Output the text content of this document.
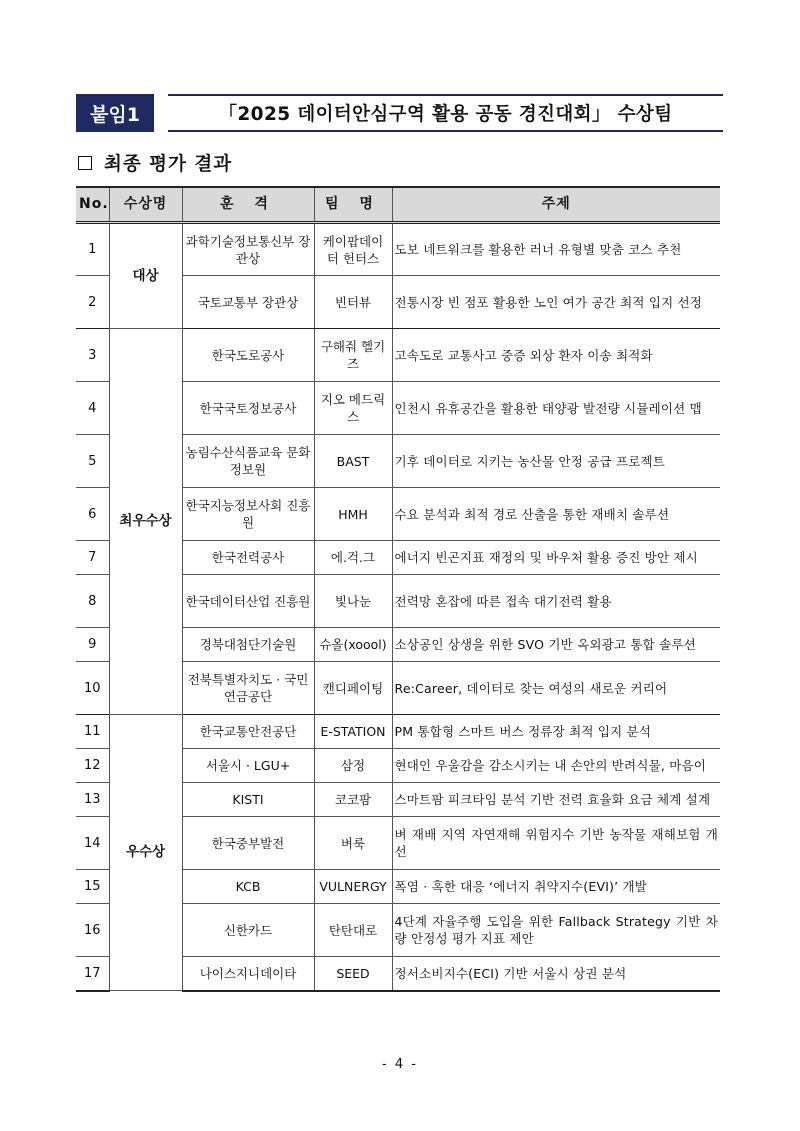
붙임1	「2025 데이터안심구역 활용 공동 경진대회」 수상팀
최종 평가 결과
No.	수상명	훈 격	팀 명	주제
1	대상	과학기술정보통신부 장관상	케이팝데이터 헌터스	도보 네트워크를 활용한 러너 유형별 맞춤 코스 추천
2		국토교통부 장관상	빈터뷰	전통시장 빈 점포 활용한 노인 여가 공간 최적 입지 선정
3	최우수상	한국도로공사	구해줘 헬기즈	고속도로 교통사고 중증 외상 환자 이송 최적화
4		한국국토정보공사	지오 메드릭스	인천시 유휴공간을 활용한 태양광 발전량 시뮬레이션 맵
5		농림수산식품교육 문화정보원	BAST	기후 데이터로 지키는 농산물 안정 공급 프로젝트
6		한국지능정보사회 진흥원	HMH	수요 분석과 최적 경로 산출을 통한 재배치 솔루션
7		한국전력공사	에.걱.그	에너지 빈곤지표 재정의 및 바우처 활용 증진 방안 제시
8		한국데이터산업 진흥원	빛나눈	전력망 혼잡에 따른 접속 대기전력 활용
9		경북대첨단기술원	슈올(xoool)	소상공인 상생을 위한 SVO 기반 옥외광고 통합 솔루션
10		전북특별자치도 · 국민연금공단	캔디페이팅	Re:Career, 데이터로 찾는 여성의 새로운 커리어
11	우수상	한국교통안전공단	E-STATION	PM 통합형 스마트 버스 정류장 최적 입지 분석
12		서울시 · LGU+	삼정	현대인 우울감을 감소시키는 내 손안의 반려식물, 마음이
13		KISTI	코코팜	스마트팜 피크타임 분석 기반 전력 효율화 요금 체계 설계
14		한국중부발전	벼룩	벼 재배 지역 자연재해 위험지수 기반 농작물 재해보험 개선
15		KCB	VULNERGY	폭염 · 혹한 대응 ‘에너지 취약지수(EVI)’ 개발
16		신한카드	탄탄대로	4단계 자율주행 도입을 위한 Fallback Strategy 기반 차량 안정성 평가 지표 제안
17		나이스지니데이타	SEED	정서소비지수(ECI) 기반 서울시 상권 분석
- 4 -
